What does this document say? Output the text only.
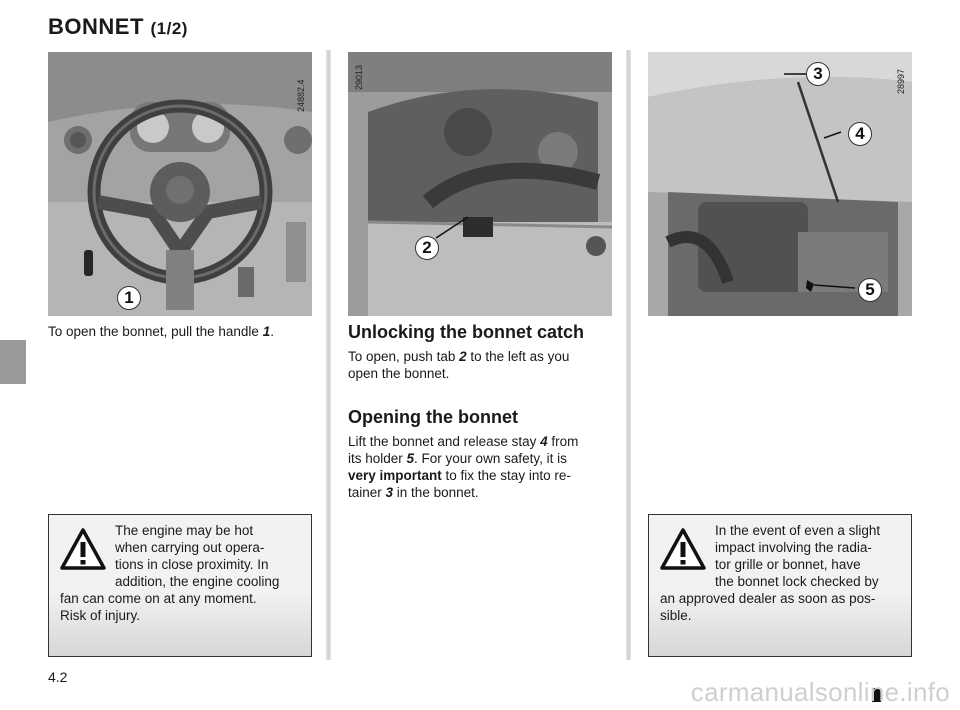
BONNET (1/2)
24882.4
1
29013
2
28997
3
4
5
To open the bonnet, pull the handle 1.	Unlocking the bonnet catch
To open, push tab 2 to the left as you
open the bonnet.
Opening the bonnet
Lift the bonnet and release stay 4 from
its holder 5. For your own safety, it is
very important to fix the stay into re-
tainer 3 in the bonnet.
The engine may be hot
when carrying out opera-
tions in close proximity. In
addition, the engine cooling
fan can come on at any moment.
Risk of injury.
In the event of even a slight
impact involving the radia-
tor grille or bonnet, have
the bonnet lock checked by
an approved dealer as soon as pos-
sible.
4.2	carmanualsonline.info
